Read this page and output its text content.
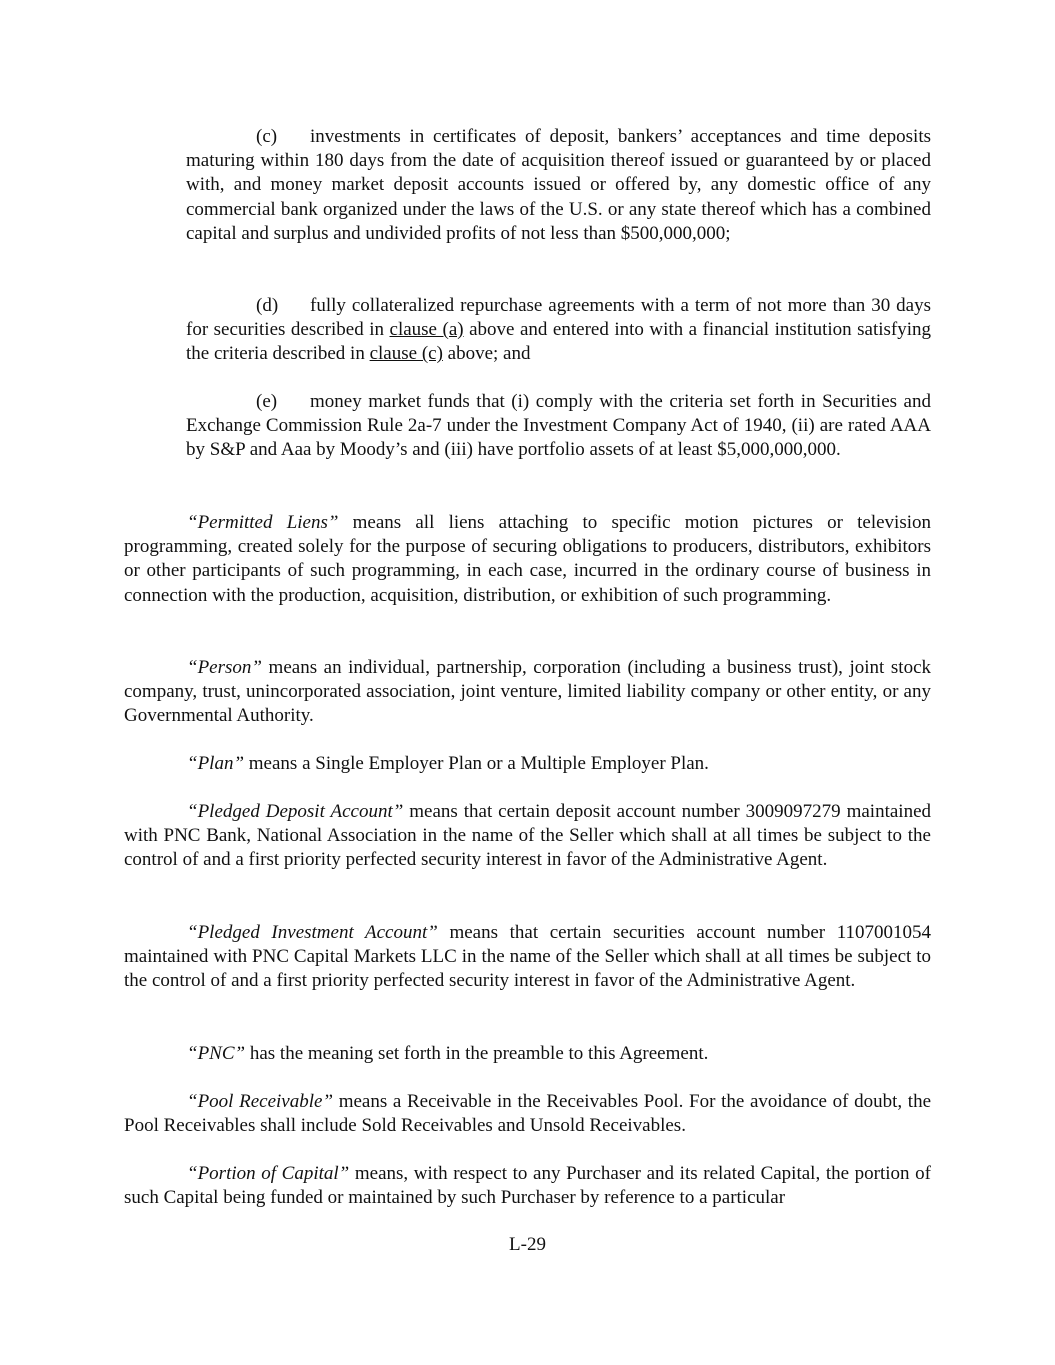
(c) investments in certificates of deposit, bankers’ acceptances and time deposits maturing within 180 days from the date of acquisition thereof issued or guaranteed by or placed with, and money market deposit accounts issued or offered by, any domestic office of any commercial bank organized under the laws of the U.S. or any state thereof which has a combined capital and surplus and undivided profits of not less than $500,000,000;

(d) fully collateralized repurchase agreements with a term of not more than 30 days for securities described in clause (a) above and entered into with a financial institution satisfying the criteria described in clause (c) above; and

(e) money market funds that (i) comply with the criteria set forth in Securities and Exchange Commission Rule 2a-7 under the Investment Company Act of 1940, (ii) are rated AAA by S&P and Aaa by Moody’s and (iii) have portfolio assets of at least $5,000,000,000.

“Permitted Liens” means all liens attaching to specific motion pictures or television programming, created solely for the purpose of securing obligations to producers, distributors, exhibitors or other participants of such programming, in each case, incurred in the ordinary course of business in connection with the production, acquisition, distribution, or exhibition of such programming.

“Person” means an individual, partnership, corporation (including a business trust), joint stock company, trust, unincorporated association, joint venture, limited liability company or other entity, or any Governmental Authority.

“Plan” means a Single Employer Plan or a Multiple Employer Plan.

“Pledged Deposit Account” means that certain deposit account number 3009097279 maintained with PNC Bank, National Association in the name of the Seller which shall at all times be subject to the control of and a first priority perfected security interest in favor of the Administrative Agent.

“Pledged Investment Account” means that certain securities account number 1107001054 maintained with PNC Capital Markets LLC in the name of the Seller which shall at all times be subject to the control of and a first priority perfected security interest in favor of the Administrative Agent.

“PNC” has the meaning set forth in the preamble to this Agreement.

“Pool Receivable” means a Receivable in the Receivables Pool. For the avoidance of doubt, the Pool Receivables shall include Sold Receivables and Unsold Receivables.

“Portion of Capital” means, with respect to any Purchaser and its related Capital, the portion of such Capital being funded or maintained by such Purchaser by reference to a particular

L-29
